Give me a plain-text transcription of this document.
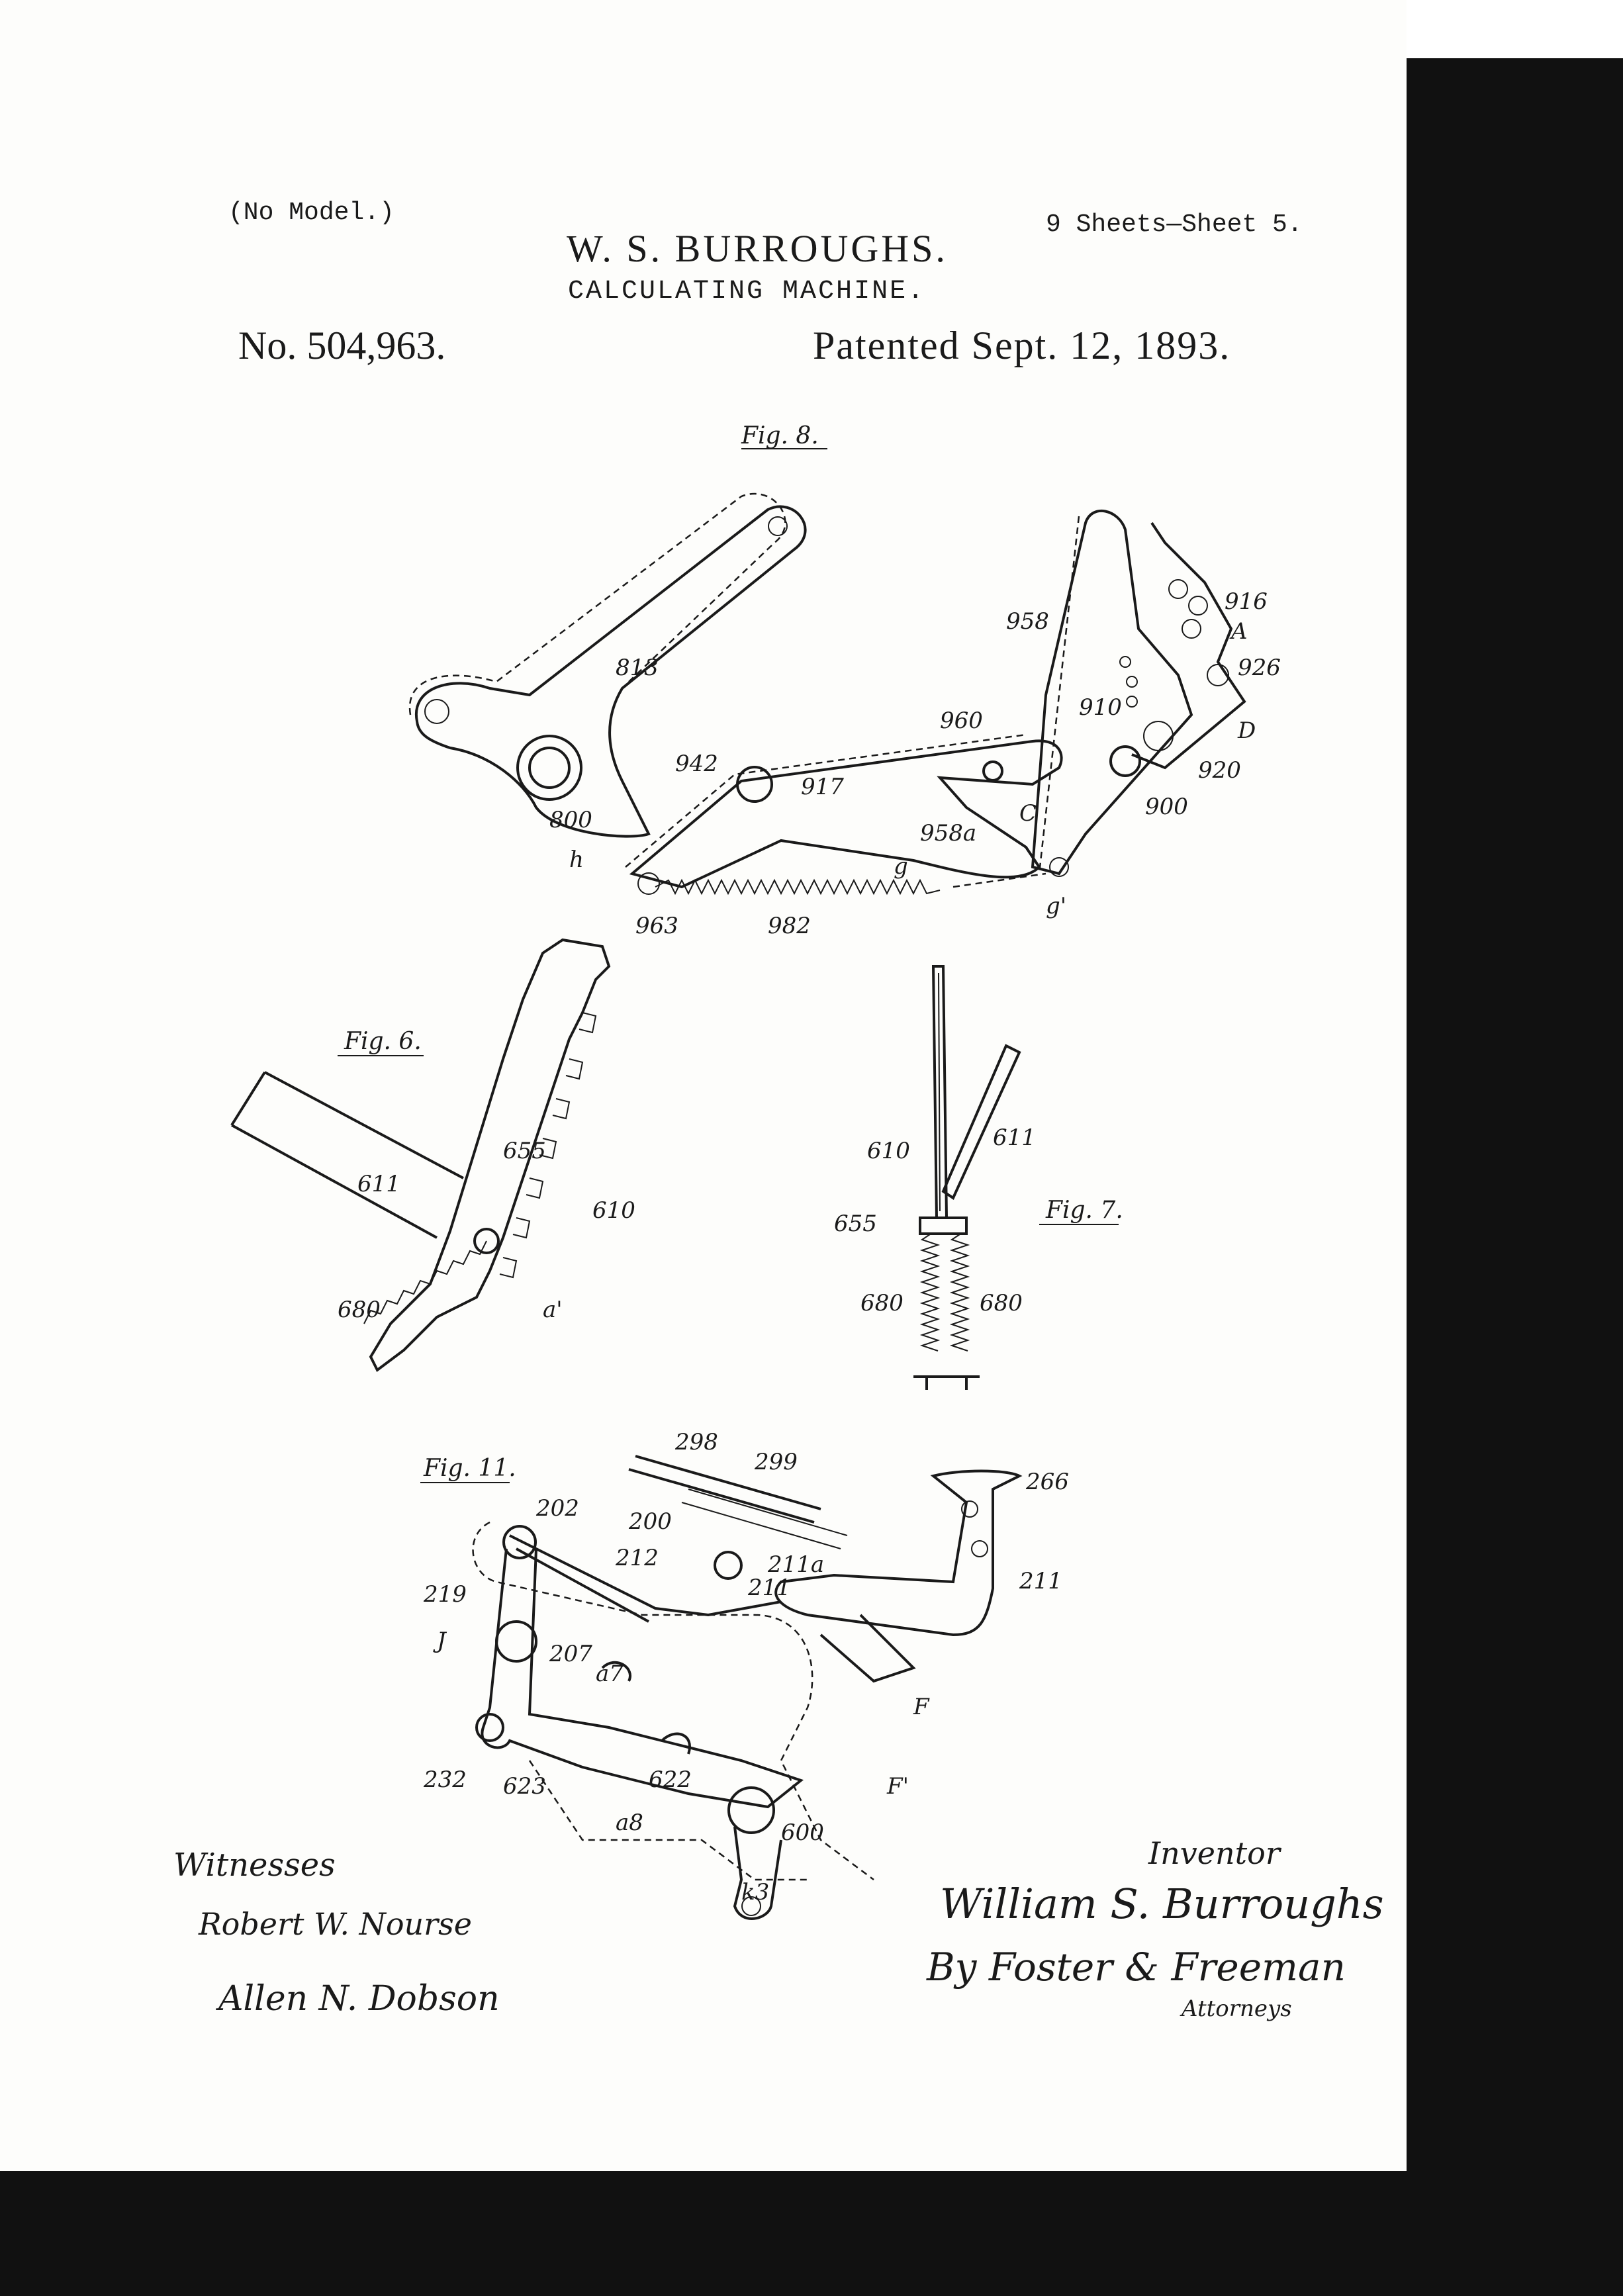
(No Model.)	9 Sheets—Sheet 5.
W. S. BURROUGHS.
CALCULATING MACHINE.
No. 504,963.	Patented Sept. 12, 1893.
Fig. 8.
813
800
h
942
917
960
958
910
916
A
926
D
920
900
C
958a
g
g'
963	982
Fig. 6.
611
655
610
680	a'
610	611
655
680	680
Fig. 7.
Fig. 11.
298
299
202 200
212
211
211a
211
266
219
J	207
a7
F
F'
232 623	622
a8	600
k3
Witnesses
Robert W. Nourse
Allen N. Dobson
Inventor
William S. Burroughs
By Foster & Freeman
Attorneys
